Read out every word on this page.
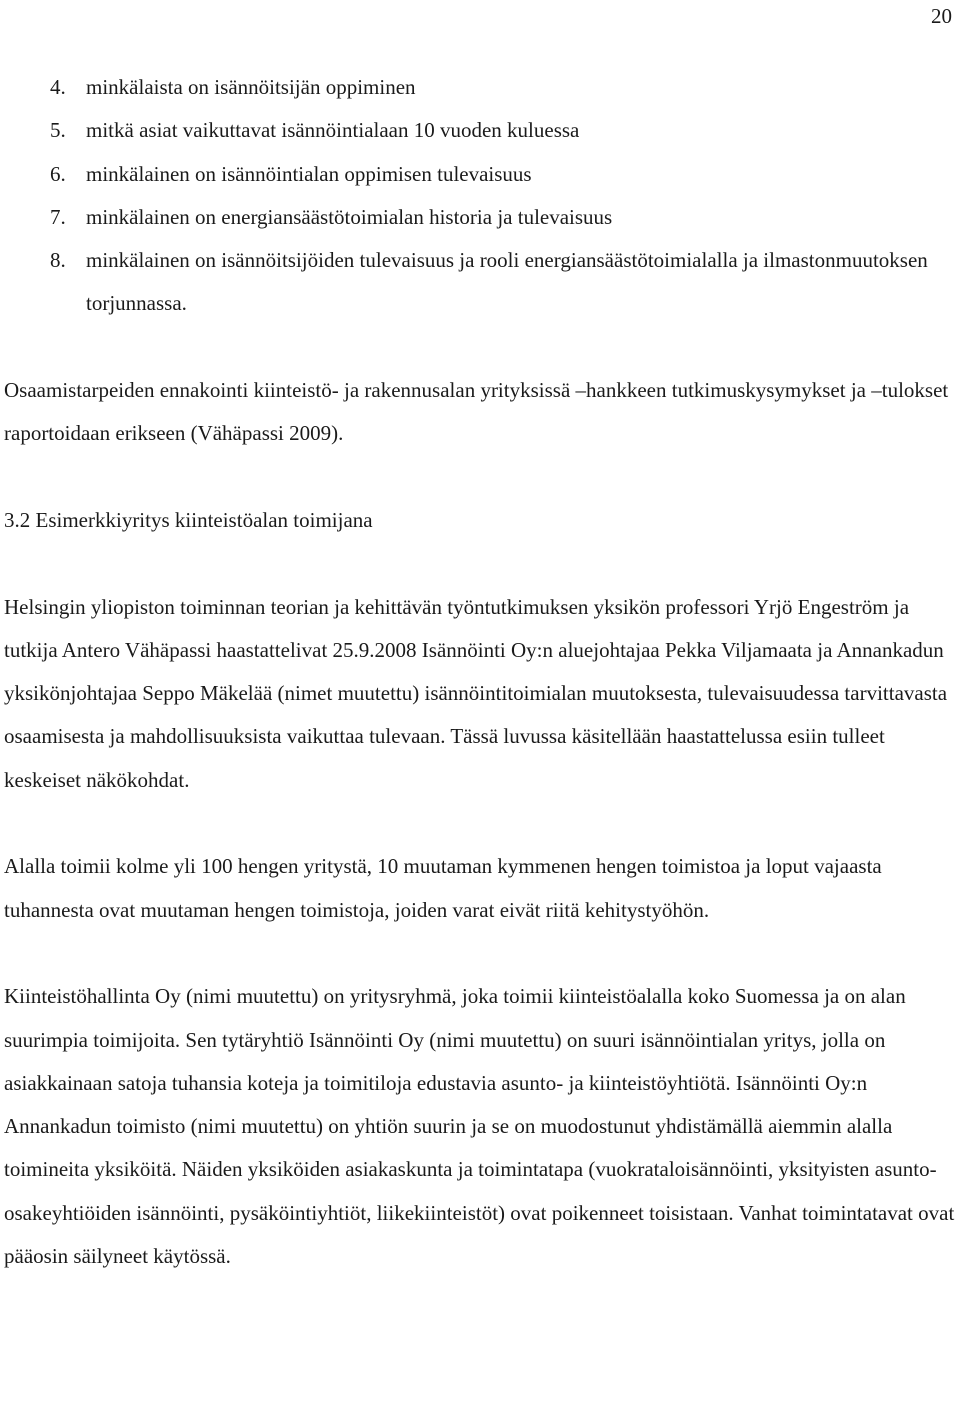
20
4. minkälaista on isännöitsijän oppiminen
5. mitkä asiat vaikuttavat isännöintialaan 10 vuoden kuluessa
6. minkälainen on isännöintialan oppimisen tulevaisuus
7. minkälainen on energiansäästötoimialan historia ja tulevaisuus
8. minkälainen on isännöitsijöiden tulevaisuus ja rooli energiansäästötoimialalla ja ilmastonmuutoksen torjunnassa.

Osaamistarpeiden ennakointi kiinteistö- ja rakennusalan yrityksissä –hankkeen tutkimuskysymykset ja –tulokset raportoidaan erikseen (Vähäpassi 2009).

3.2 Esimerkkiyritys kiinteistöalan toimijana

Helsingin yliopiston toiminnan teorian ja kehittävän työntutkimuksen yksikön professori Yrjö Engeström ja tutkija Antero Vähäpassi haastattelivat 25.9.2008 Isännöinti Oy:n aluejohtajaa Pekka Viljamaata ja Annankadun yksikönjohtajaa Seppo Mäkelää (nimet muutettu) isännöintitoimialan muutoksesta, tulevaisuudessa tarvittavasta osaamisesta ja mahdollisuuksista vaikuttaa tulevaan. Tässä luvussa käsitellään haastattelussa esiin tulleet keskeiset näkökohdat.

Alalla toimii kolme yli 100 hengen yritystä, 10 muutaman kymmenen hengen toimistoa ja loput vajaasta tuhannesta ovat muutaman hengen toimistoja, joiden varat eivät riitä kehitystyöhön.

Kiinteistöhallinta Oy (nimi muutettu) on yritysryhmä, joka toimii kiinteistöalalla koko Suomessa ja on alan suurimpia toimijoita. Sen tytäryhtiö Isännöinti Oy (nimi muutettu) on suuri isännöintialan yritys, jolla on asiakkainaan satoja tuhansia koteja ja toimitiloja edustavia asunto- ja kiinteistöyhtiötä. Isännöinti Oy:n Annankadun toimisto (nimi muutettu) on yhtiön suurin ja se on muodostunut yhdistämällä aiemmin alalla toimineita yksiköitä. Näiden yksiköiden asiakaskunta ja toimintatapa (vuokrataloisännöinti, yksityisten asunto-osakeyhtiöiden isännöinti, pysäköintiyhtiöt, liikekiinteistöt) ovat poikenneet toisistaan. Vanhat toimintatavat ovat pääosin säilyneet käytössä.
